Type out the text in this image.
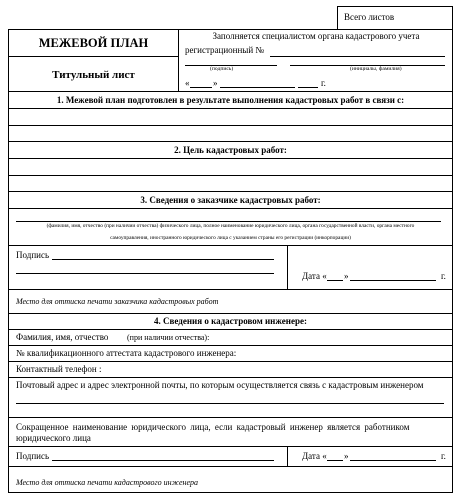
Всего листов
МЕЖЕВОЙ ПЛАН
Титульный лист
Заполняется специалистом органа кадастрового учета
регистрационный №
(подпись)	(инициалы, фамилия)
«	»	г.
1. Межевой план подготовлен в результате выполнения кадастровых работ в связи с:
2. Цель кадастровых работ:
3. Сведения о заказчике кадастровых работ:
(фамилия, имя, отчество (при наличии отчества) физического лица, полное наименование юридического лица, органа государственной власти, органа местного
самоуправления, иностранного юридического лица с указанием страны его регистрации (инкорпорации)
Подпись
Дата « »	г.
Место для оттиска печати заказчика кадастровых работ
4. Сведения о кадастровом инженере:
Фамилия, имя, отчество (при наличии отчества):
№ квалификационного аттестата кадастрового инженера:
Контактный телефон :
Почтовый адрес и адрес электронной почты, по которым осуществляется связь с кадастровым инженером
Сокращенное наименование юридического лица, если кадастровый инженер является работником
юридического лица
Подпись	Дата « »	г.
Место для оттиска печати кадастрового инженера
